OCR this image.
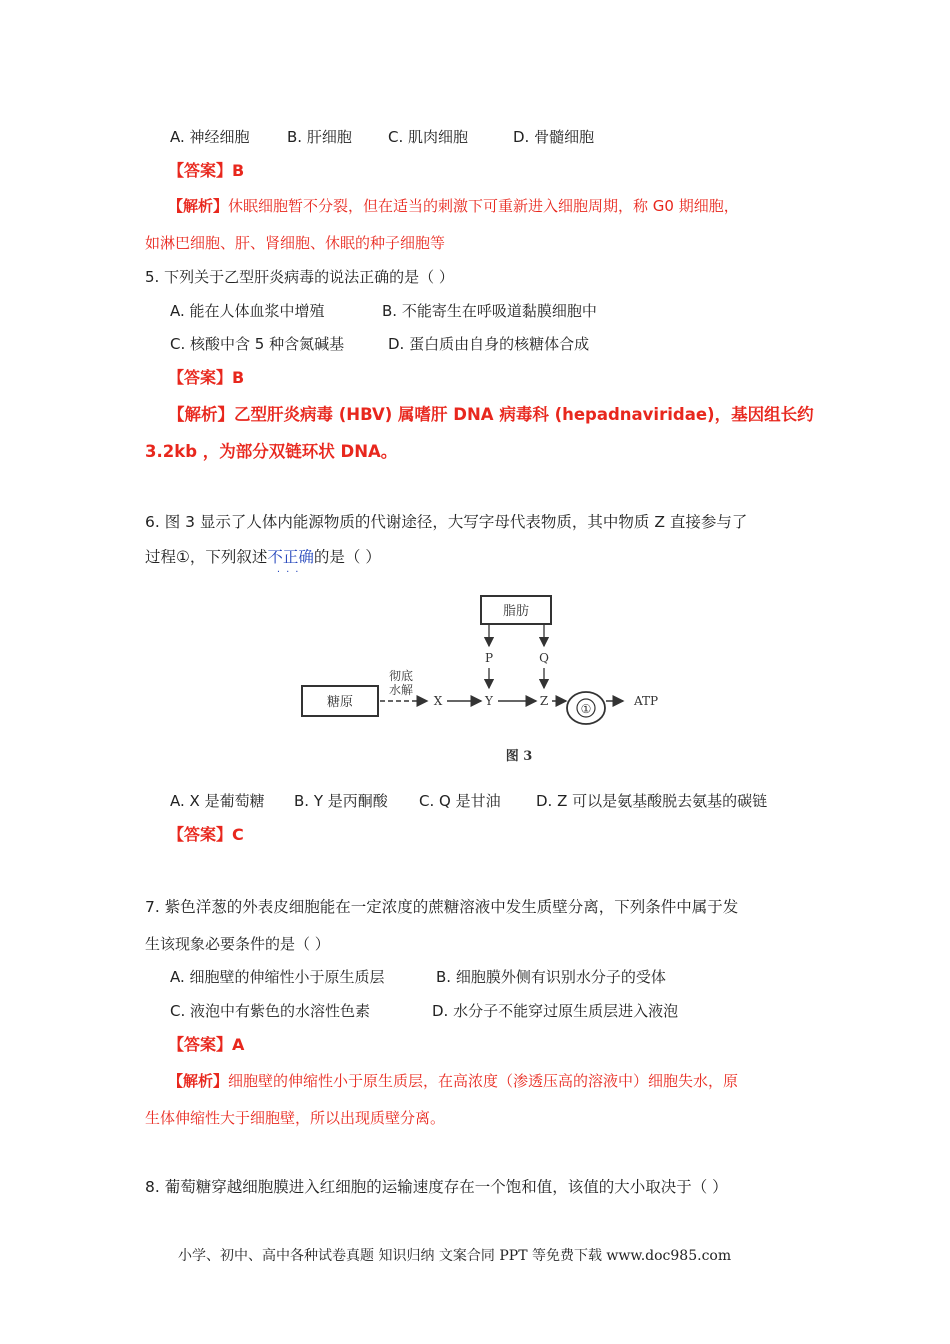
A. 神经细胞 B. 肝细胞 C. 肌肉细胞	D. 骨髓细胞
【答案】B
【解析】休眠细胞暂不分裂，但在适当的刺激下可重新进入细胞周期，称 G0 期细胞，
如淋巴细胞、肝、肾细胞、休眠的种子细胞等
5. 下列关于乙型肝炎病毒的说法正确的是（ ）
A. 能在人体血浆中增殖	B. 不能寄生在呼吸道黏膜细胞中
C. 核酸中含 5 种含氮碱基	D. 蛋白质由自身的核糖体合成
【答案】B
【解析】乙型肝炎病毒 (HBV) 属嗜肝 DNA 病毒科 (hepadnaviridae)，基因组长约
3.2kb ，为部分双链环状 DNA。
6. 图 3 显示了人体内能源物质的代谢途径，大写字母代表物质，其中物质 Z 直接参与了
过程①，下列叙述不正确
···
的是（ ）
脂肪
P	Q
糖原
彻底
水解
X	Y	Z
①
ATP
图 3
A. X 是葡萄糖 B. Y 是丙酮酸 C. Q 是甘油 D. Z 可以是氨基酸脱去氨基的碳链
【答案】C
7. 紫色洋葱的外表皮细胞能在一定浓度的蔗糖溶液中发生质壁分离，下列条件中属于发
生该现象必要条件的是（ ）
A. 细胞壁的伸缩性小于原生质层	B. 细胞膜外侧有识别水分子的受体
C. 液泡中有紫色的水溶性色素	D. 水分子不能穿过原生质层进入液泡
【答案】A
【解析】细胞壁的伸缩性小于原生质层，在高浓度（渗透压高的溶液中）细胞失水，原
生体伸缩性大于细胞壁，所以出现质壁分离。
8. 葡萄糖穿越细胞膜进入红细胞的运输速度存在一个饱和值，该值的大小取决于（ ）
小学、初中、高中各种试卷真题 知识归纳 文案合同 PPT 等免费下载 www.doc985.com
